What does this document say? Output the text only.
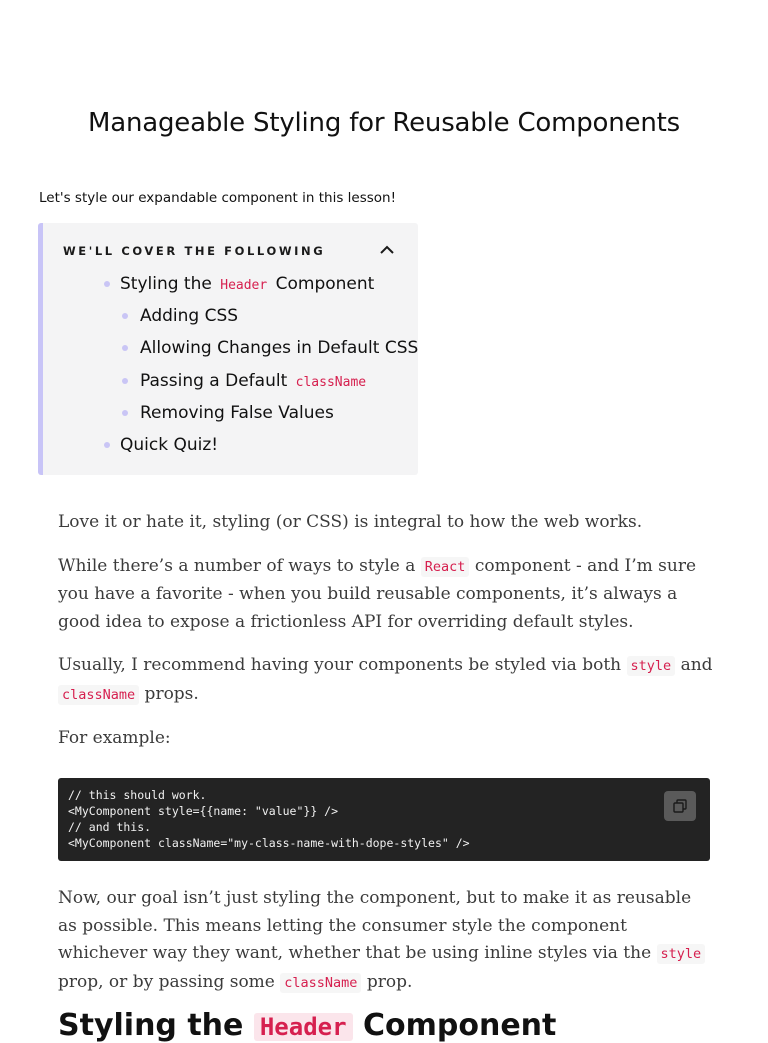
Manageable Styling for Reusable Components

Let's style our expandable component in this lesson!

WE'LL COVER THE FOLLOWING
Styling the Header Component
Adding CSS
Allowing Changes in Default CSS
Passing a Default className
Removing False Values
Quick Quiz!

Love it or hate it, styling (or CSS) is integral to how the web works.

While there’s a number of ways to style a React component - and I’m sure you have a favorite - when you build reusable components, it’s always a good idea to expose a frictionless API for overriding default styles.

Usually, I recommend having your components be styled via both style and className props.

For example:

// this should work.
<MyComponent style={{name: "value"}} />
// and this.
<MyComponent className="my-class-name-with-dope-styles" />

Now, our goal isn’t just styling the component, but to make it as reusable as possible. This means letting the consumer style the component whichever way they want, whether that be using inline styles via the style prop, or by passing some className prop.

Styling the Header Component
